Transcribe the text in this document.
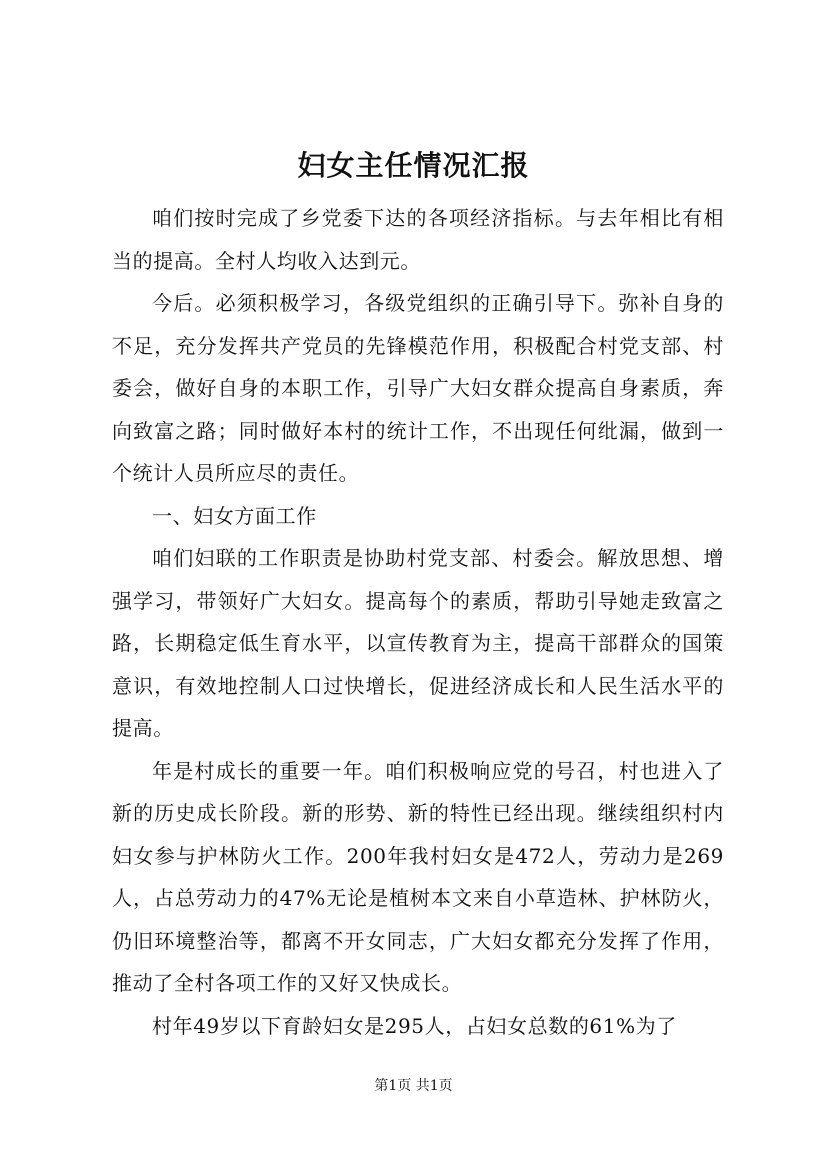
妇女主任情况汇报

咱们按时完成了乡党委下达的各项经济指标。与去年相比有相当的提高。全村人均收入达到元。

今后。必须积极学习，各级党组织的正确引导下。弥补自身的不足，充分发挥共产党员的先锋模范作用，积极配合村党支部、村委会，做好自身的本职工作，引导广大妇女群众提高自身素质，奔向致富之路；同时做好本村的统计工作，不出现任何纰漏，做到一个统计人员所应尽的责任。

一、妇女方面工作

咱们妇联的工作职责是协助村党支部、村委会。解放思想、增强学习，带领好广大妇女。提高每个的素质，帮助引导她走致富之路，长期稳定低生育水平，以宣传教育为主，提高干部群众的国策意识，有效地控制人口过快增长，促进经济成长和人民生活水平的提高。

年是村成长的重要一年。咱们积极响应党的号召，村也进入了新的历史成长阶段。新的形势、新的特性已经出现。继续组织村内妇女参与护林防火工作。200年我村妇女是472人，劳动力是269人，占总劳动力的47%无论是植树本文来自小草造林、护林防火，仍旧环境整治等，都离不开女同志，广大妇女都充分发挥了作用，推动了全村各项工作的又好又快成长。

村年49岁以下育龄妇女是295人，占妇女总数的61%为了

第1页 共1页
